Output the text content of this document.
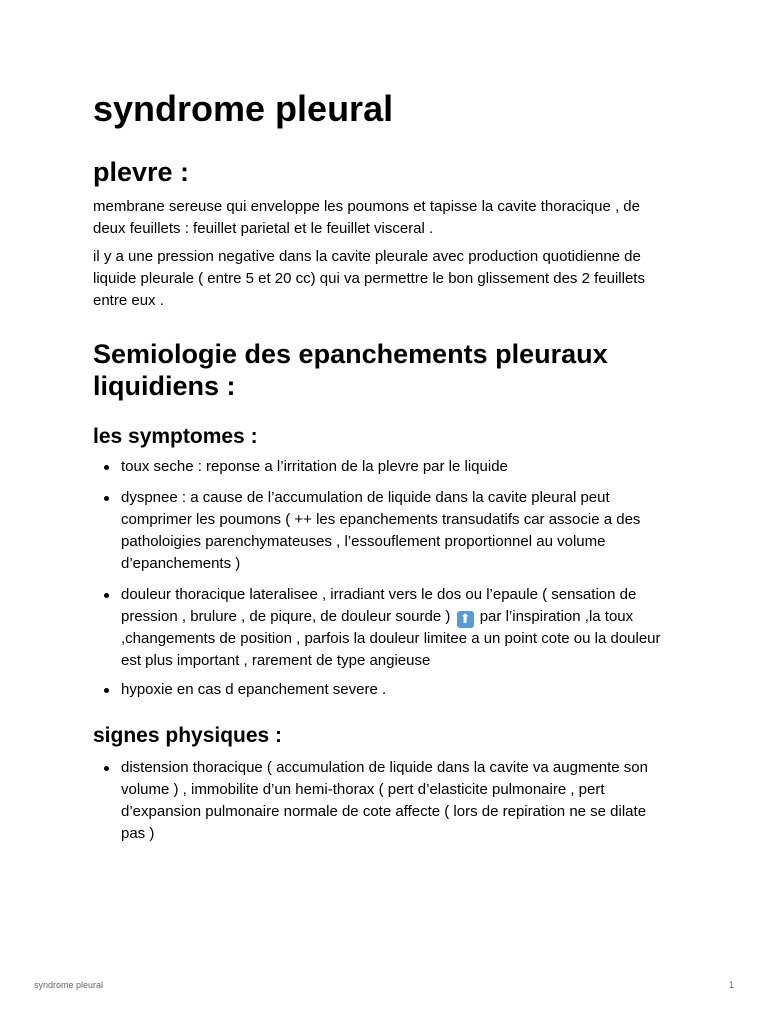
syndrome pleural
plevre :

membrane sereuse qui enveloppe les poumons et tapisse la cavite thoracique , de deux feuillets : feuillet parietal et le feuillet visceral .

il y a une pression negative dans la cavite pleurale avec production quotidienne de liquide pleurale ( entre 5 et 20 cc) qui va permettre le bon glissement des 2 feuillets entre eux .

Semiologie des epanchements pleuraux liquidiens :
les symptomes :
toux seche : reponse a l’irritation de la plevre par le liquide
dyspnee : a cause de l’accumulation de liquide dans la cavite pleural peut comprimer les poumons ( ++ les epanchements transudatifs car associe a des patholoigies parenchymateuses , l’essouflement proportionnel au volume d’epanchements )
douleur thoracique lateralisee , irradiant vers le dos ou l’epaule ( sensation de pression , brulure , de piqure, de douleur sourde ) ⬆ par l’inspiration ,la toux ,changements de position , parfois la douleur limitee a un point cote ou la douleur est plus important , rarement de type angieuse
hypoxie en cas d epanchement severe .
signes physiques :
distension thoracique ( accumulation de liquide dans la cavite va augmente son volume ) , immobilite d’un hemi-thorax ( pert d’elasticite pulmonaire , pert d’expansion pulmonaire normale de cote affecte ( lors de repiration ne se dilate pas )
syndrome pleural	1
